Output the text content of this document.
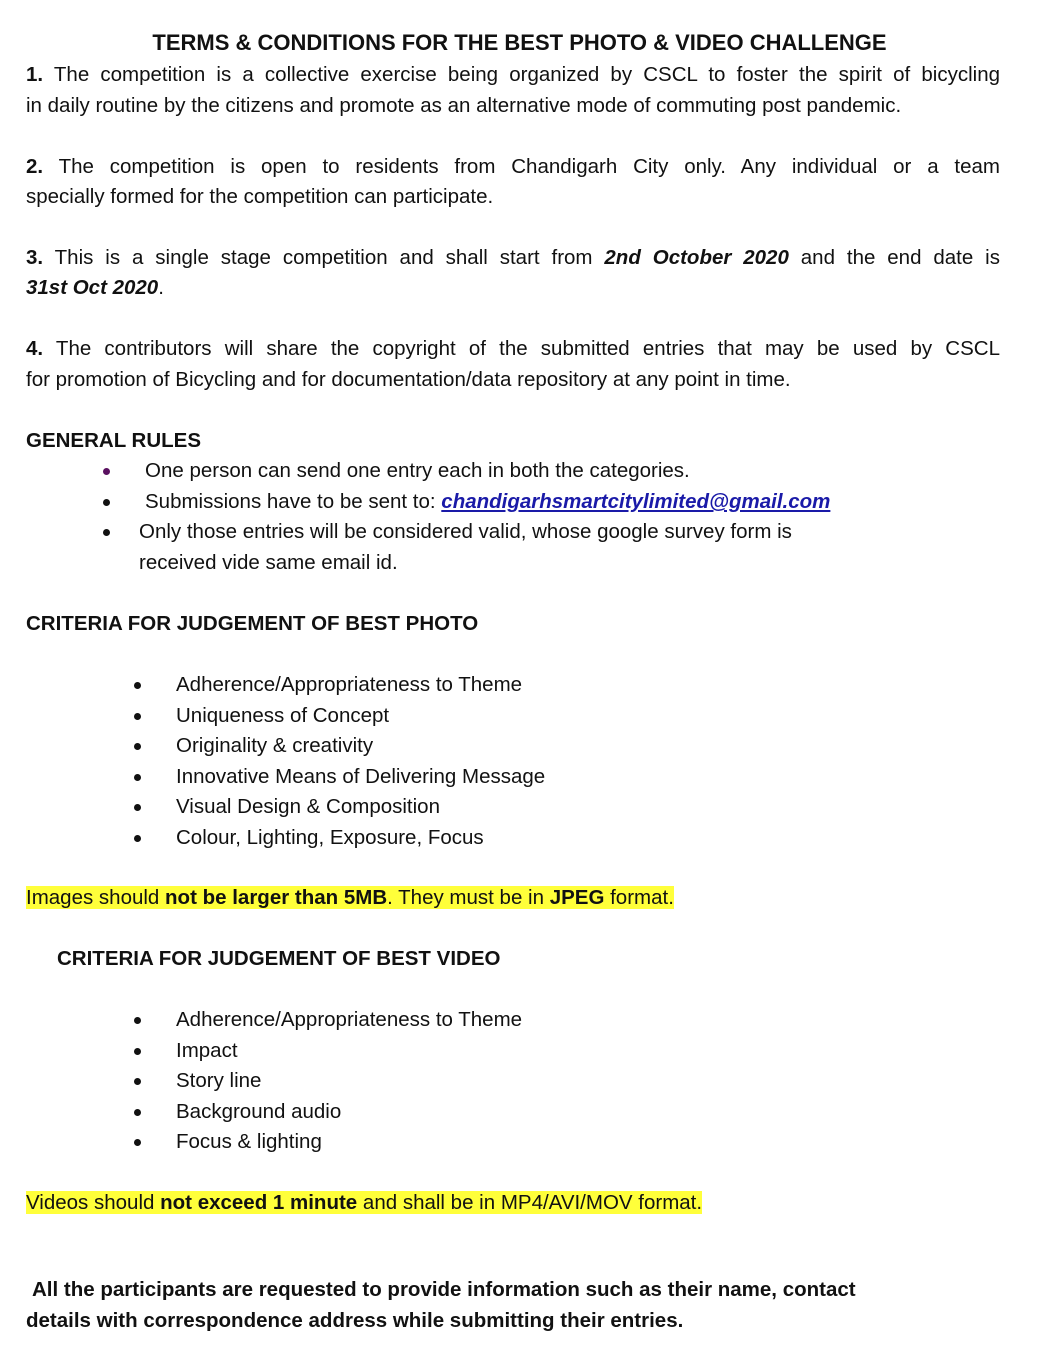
TERMS & CONDITIONS FOR THE BEST PHOTO & VIDEO CHALLENGE
1. The competition is a collective exercise being organized by CSCL to foster the spirit of bicycling
in daily routine by the citizens and promote as an alternative mode of commuting post pandemic.
2. The competition is open to residents from Chandigarh City only. Any individual or a team
specially formed for the competition can participate.
3. This is a single stage competition and shall start from 2nd October 2020 and the end date is
31st Oct 2020.
4. The contributors will share the copyright of the submitted entries that may be used by CSCL
for promotion of Bicycling and for documentation/data repository at any point in time.
GENERAL RULES
One person can send one entry each in both the categories.
Submissions have to be sent to: chandigarhsmartcitylimited@gmail.com
Only those entries will be considered valid, whose google survey form is
received vide same email id.
CRITERIA FOR JUDGEMENT OF BEST PHOTO
Adherence/Appropriateness to Theme
Uniqueness of Concept
Originality & creativity
Innovative Means of Delivering Message
Visual Design & Composition
Colour, Lighting, Exposure, Focus
Images should not be larger than 5MB. They must be in JPEG format.
CRITERIA FOR JUDGEMENT OF BEST VIDEO
Adherence/Appropriateness to Theme
Impact
Story line
Background audio
Focus & lighting
Videos should not exceed 1 minute and shall be in MP4/AVI/MOV format.
All the participants are requested to provide information such as their name, contact
details with correspondence address while submitting their entries.
